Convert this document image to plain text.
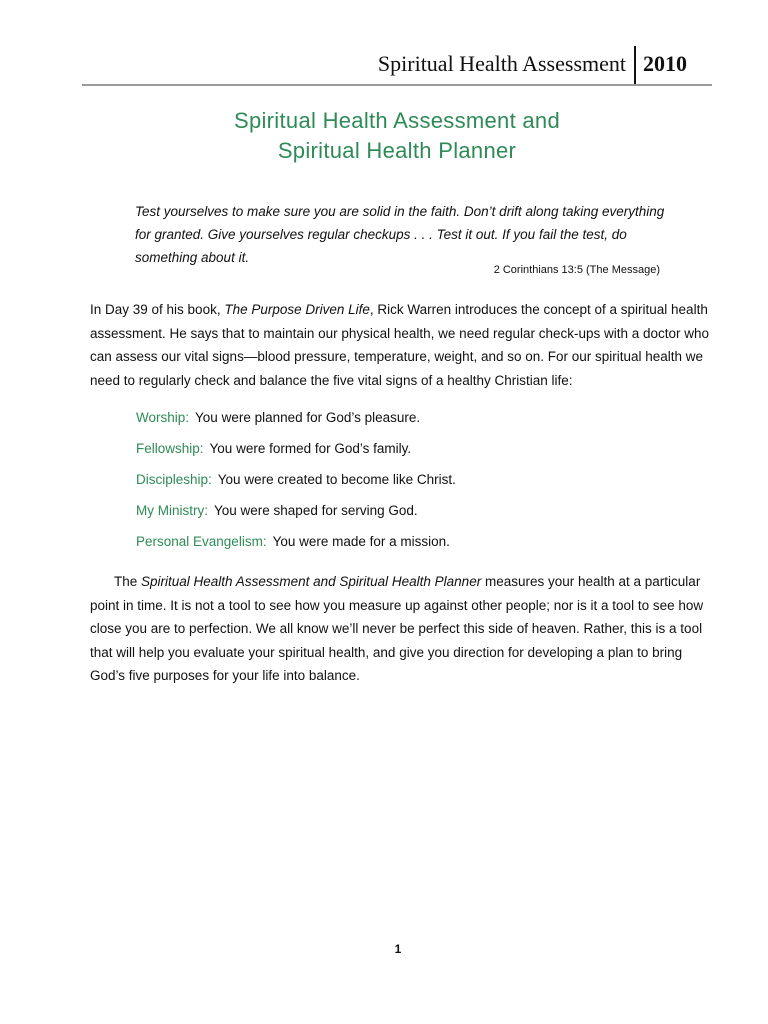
Spiritual Health Assessment 2010
Spiritual Health Assessment and
Spiritual Health Planner
Test yourselves to make sure you are solid in the faith. Don’t drift along taking everything for granted. Give yourselves regular checkups . . . Test it out. If you fail the test, do something about it.
2 Corinthians 13:5 (The Message)

In Day 39 of his book, The Purpose Driven Life, Rick Warren introduces the concept of a spiritual health assessment. He says that to maintain our physical health, we need regular check-ups with a doctor who can assess our vital signs—blood pressure, temperature, weight, and so on. For our spiritual health we need to regularly check and balance the five vital signs of a healthy Christian life:

Worship: You were planned for God’s pleasure.
Fellowship: You were formed for God’s family.
Discipleship: You were created to become like Christ.
My Ministry: You were shaped for serving God.
Personal Evangelism: You were made for a mission.

The Spiritual Health Assessment and Spiritual Health Planner measures your health at a particular point in time. It is not a tool to see how you measure up against other people; nor is it a tool to see how close you are to perfection. We all know we’ll never be perfect this side of heaven. Rather, this is a tool that will help you evaluate your spiritual health, and give you direction for developing a plan to bring God’s five purposes for your life into balance.

1
